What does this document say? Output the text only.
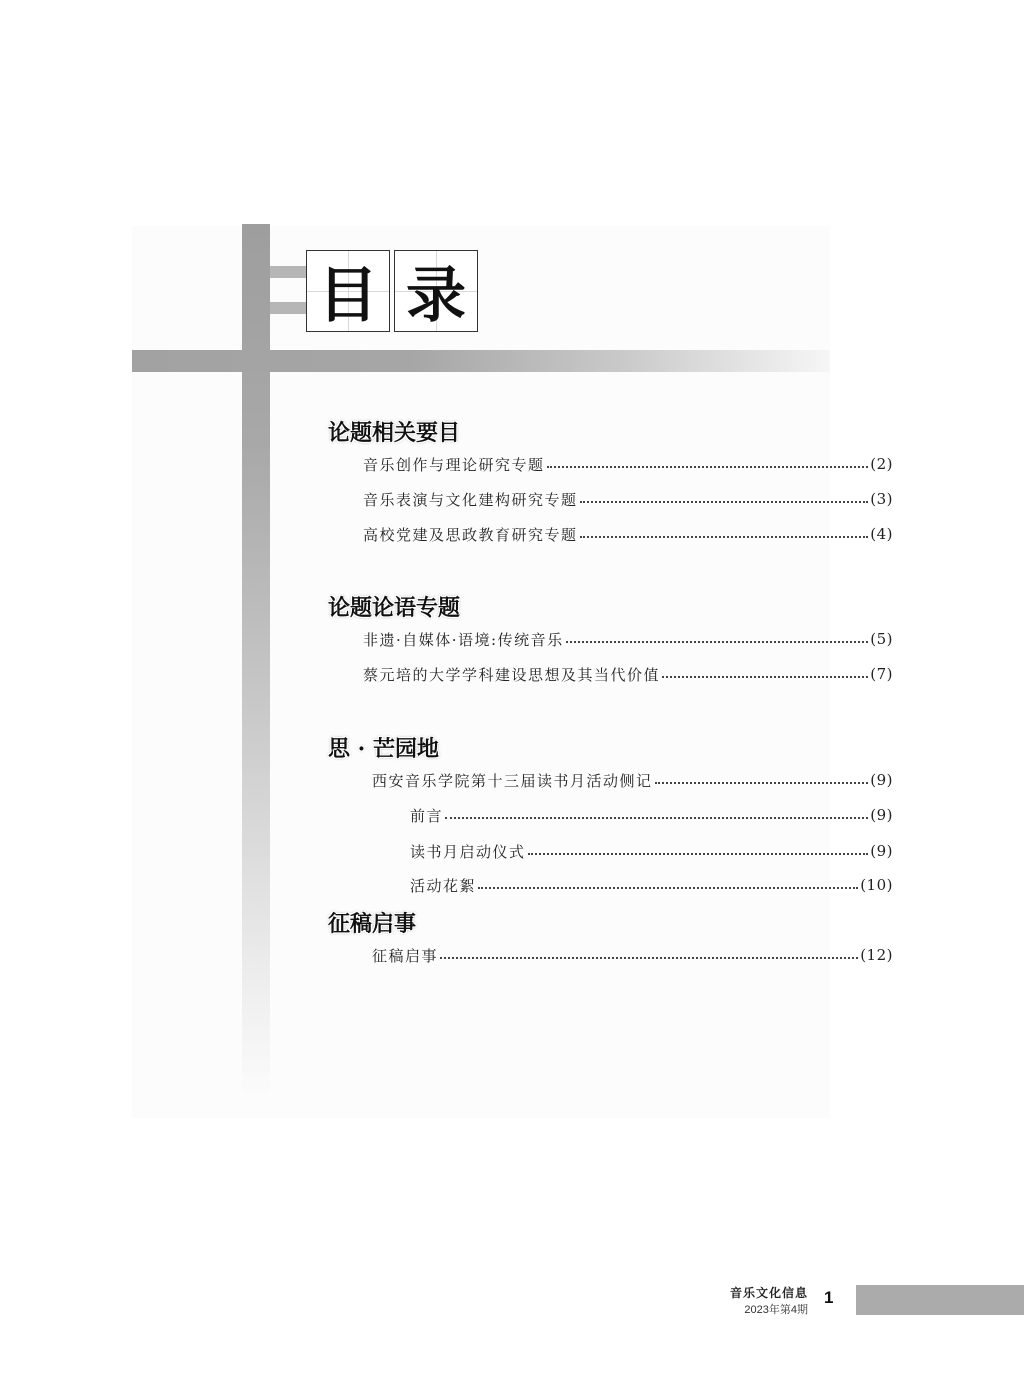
目 录
论题相关要目
音乐创作与理论研究专题	(2)
音乐表演与文化建构研究专题	(3)
高校党建及思政教育研究专题	(4)
论题论语专题
非遗·自媒体·语境:传统音乐	(5)
蔡元培的大学学科建设思想及其当代价值	(7)
思 · 芒园地
西安音乐学院第十三届读书月活动侧记	(9)
前言	(9)
读书月启动仪式	(9)
活动花絮	(10)
征稿启事
征稿启事	(12)
音乐文化信息
2023年第4期
1
